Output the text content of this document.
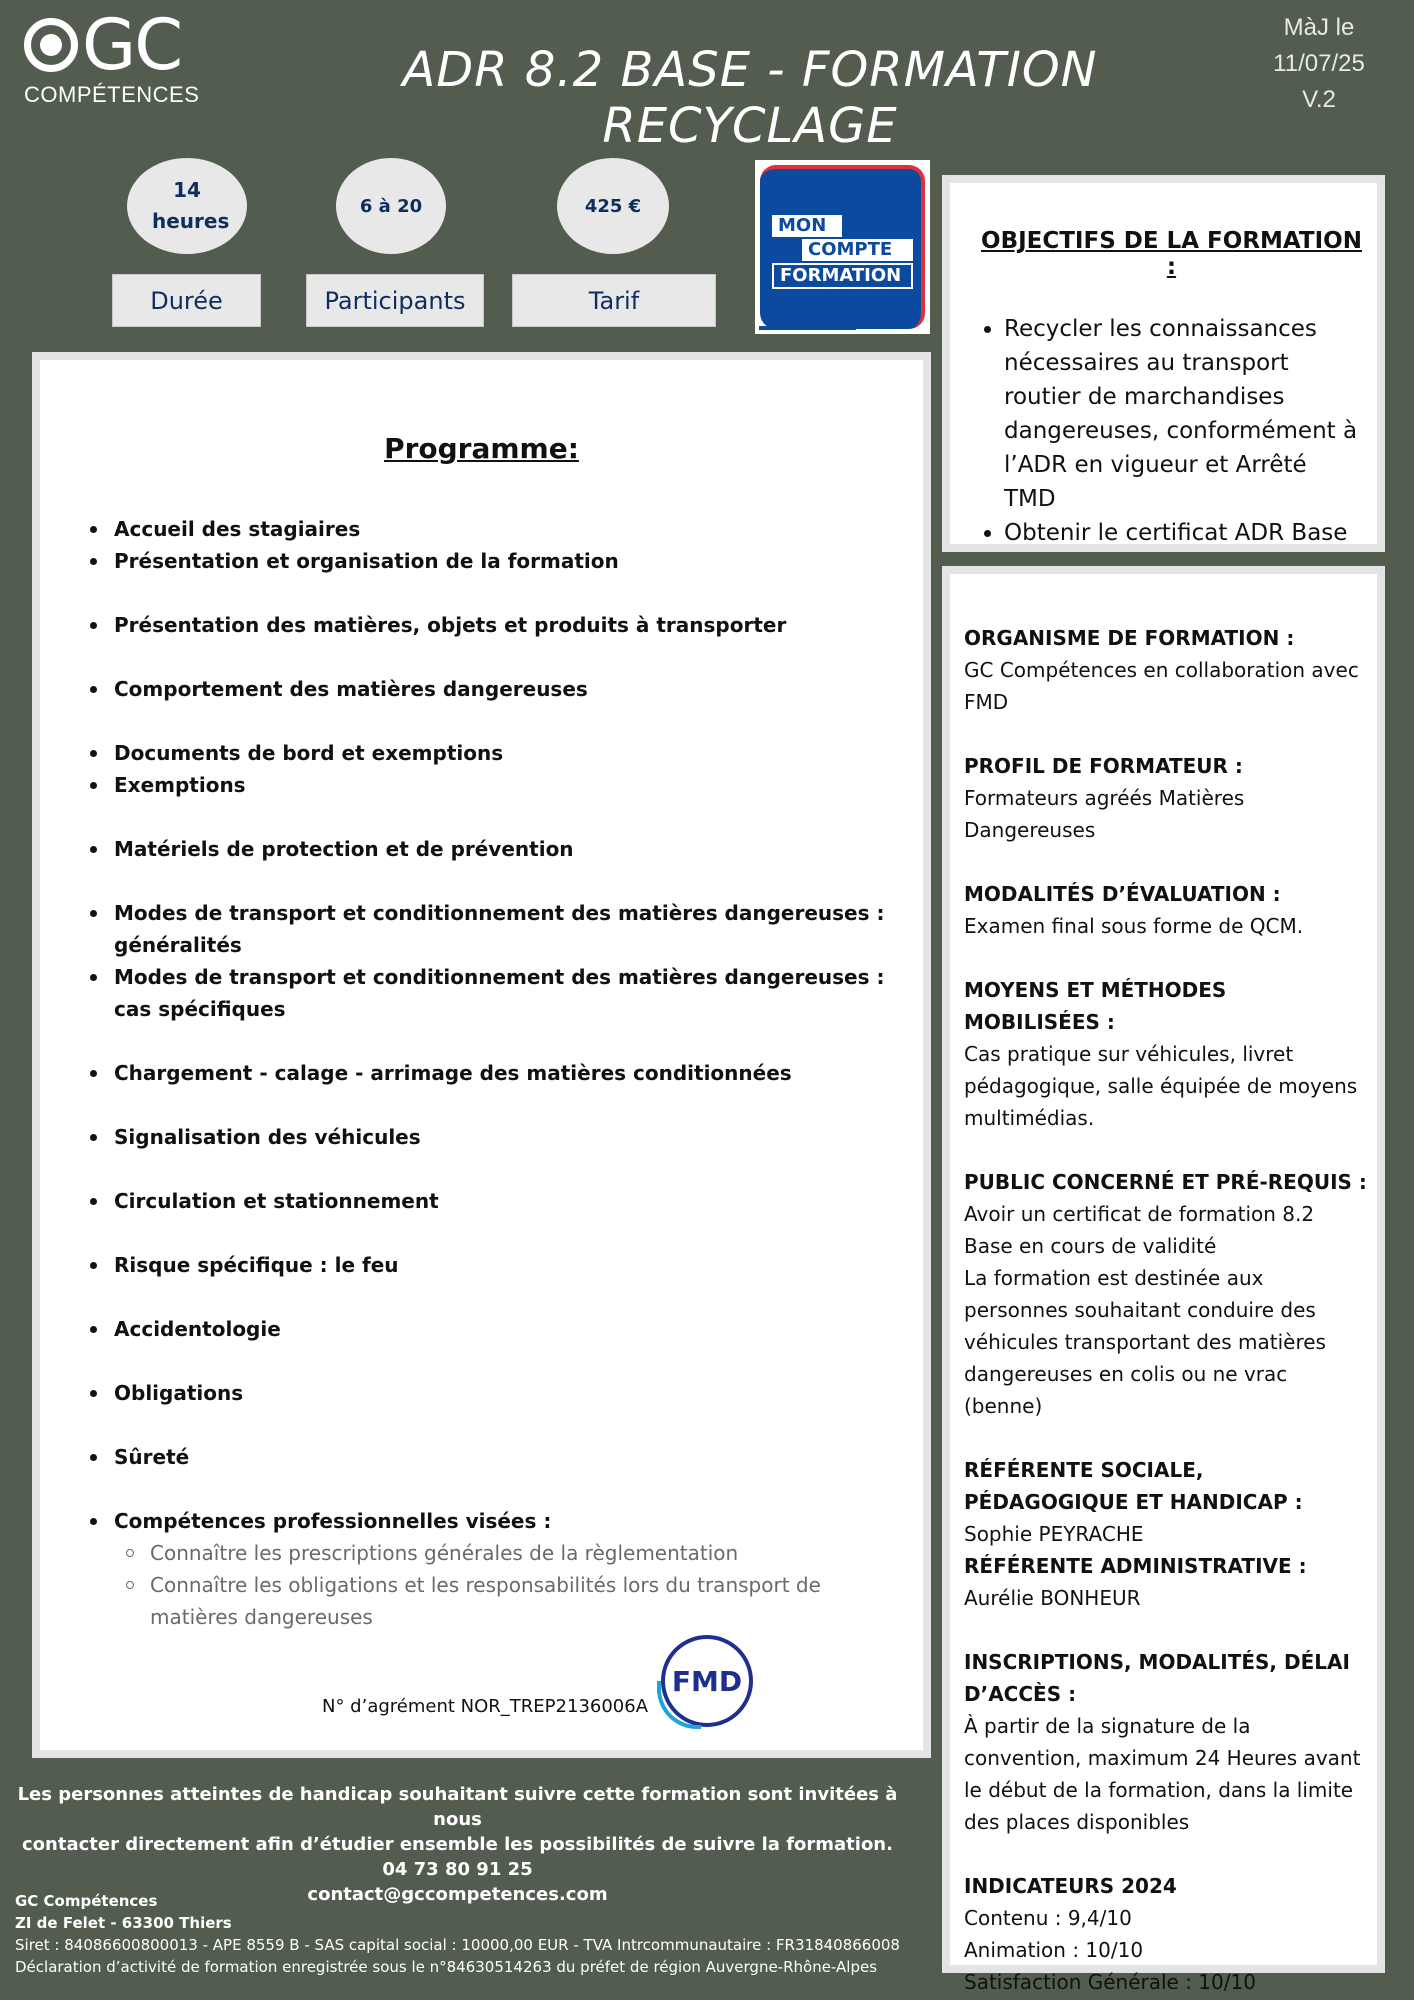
GC
COMPÉTENCES	ADR 8.2 BASE - FORMATION RECYCLAGE
MàJ le
11/07/25
V.2
14 heures
6 à 20	425 €
Durée	Participants	Tarif
MON
COMPTE
FORMATION
OBJECTIFS DE LA FORMATION :
• Recycler les connaissances nécessaires au transport routier de marchandises dangereuses, conformément à l’ADR en vigueur et Arrêté TMD
• Obtenir le certificat ADR Base
Programme:
Accueil des stagiaires
Présentation et organisation de la formation
Présentation des matières, objets et produits à transporter
Comportement des matières dangereuses
Documents de bord et exemptions
Exemptions
Matériels de protection et de prévention
Modes de transport et conditionnement des matières dangereuses : généralités
Modes de transport et conditionnement des matières dangereuses : cas spécifiques
Chargement - calage - arrimage des matières conditionnées
Signalisation des véhicules
Circulation et stationnement
Risque spécifique : le feu
Accidentologie
Obligations
Sûreté
Compétences professionnelles visées :
Connaître les prescriptions générales de la règlementation
Connaître les obligations et les responsabilités lors du transport de matières dangereuses
N° d’agrément NOR_TREP2136006A
FMD
ORGANISME DE FORMATION :
GC Compétences en collaboration avec FMD
PROFIL DE FORMATEUR :
Formateurs agréés Matières Dangereuses
MODALITÉS D’ÉVALUATION :
Examen final sous forme de QCM.
MOYENS ET MÉTHODES MOBILISÉES :
Cas pratique sur véhicules, livret pédagogique, salle équipée de moyens multimédias.
PUBLIC CONCERNÉ ET PRÉ-REQUIS :
Avoir un certificat de formation 8.2 Base en cours de validité
La formation est destinée aux personnes souhaitant conduire des véhicules transportant des matières dangereuses en colis ou ne vrac (benne)
RÉFÉRENTE SOCIALE, PÉDAGOGIQUE ET HANDICAP :
Sophie PEYRACHE
RÉFÉRENTE ADMINISTRATIVE :
Aurélie BONHEUR
INSCRIPTIONS, MODALITÉS, DÉLAI D’ACCÈS :
À partir de la signature de la convention, maximum 24 Heures avant le début de la formation, dans la limite des places disponibles
INDICATEURS 2024
Contenu : 9,4/10
Animation : 10/10
Satisfaction Générale : 10/10
Les personnes atteintes de handicap souhaitant suivre cette formation sont invitées à nous
contacter directement afin d’étudier ensemble les possibilités de suivre la formation.
04 73 80 91 25
contact@gccompetences.com
GC Compétences
ZI de Felet - 63300 Thiers
Siret : 84086600800013 - APE 8559 B - SAS capital social : 10000,00 EUR - TVA Intrcommunautaire : FR31840866008
Déclaration d’activité de formation enregistrée sous le n°84630514263 du préfet de région Auvergne-Rhône-Alpes
